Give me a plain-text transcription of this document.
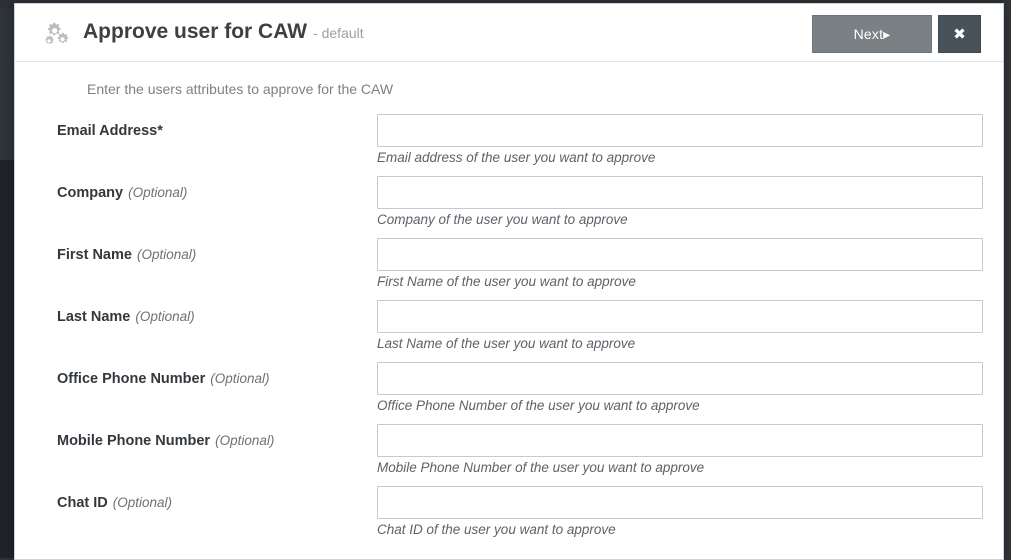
Approve user for CAW - default	Next▸	✖
Enter the users attributes to approve for the CAW
Email Address*
Email address of the user you want to approve
Company (Optional)
Company of the user you want to approve
First Name (Optional)
First Name of the user you want to approve
Last Name (Optional)
Last Name of the user you want to approve
Office Phone Number (Optional)
Office Phone Number of the user you want to approve
Mobile Phone Number (Optional)
Mobile Phone Number of the user you want to approve
Chat ID (Optional)
Chat ID of the user you want to approve
